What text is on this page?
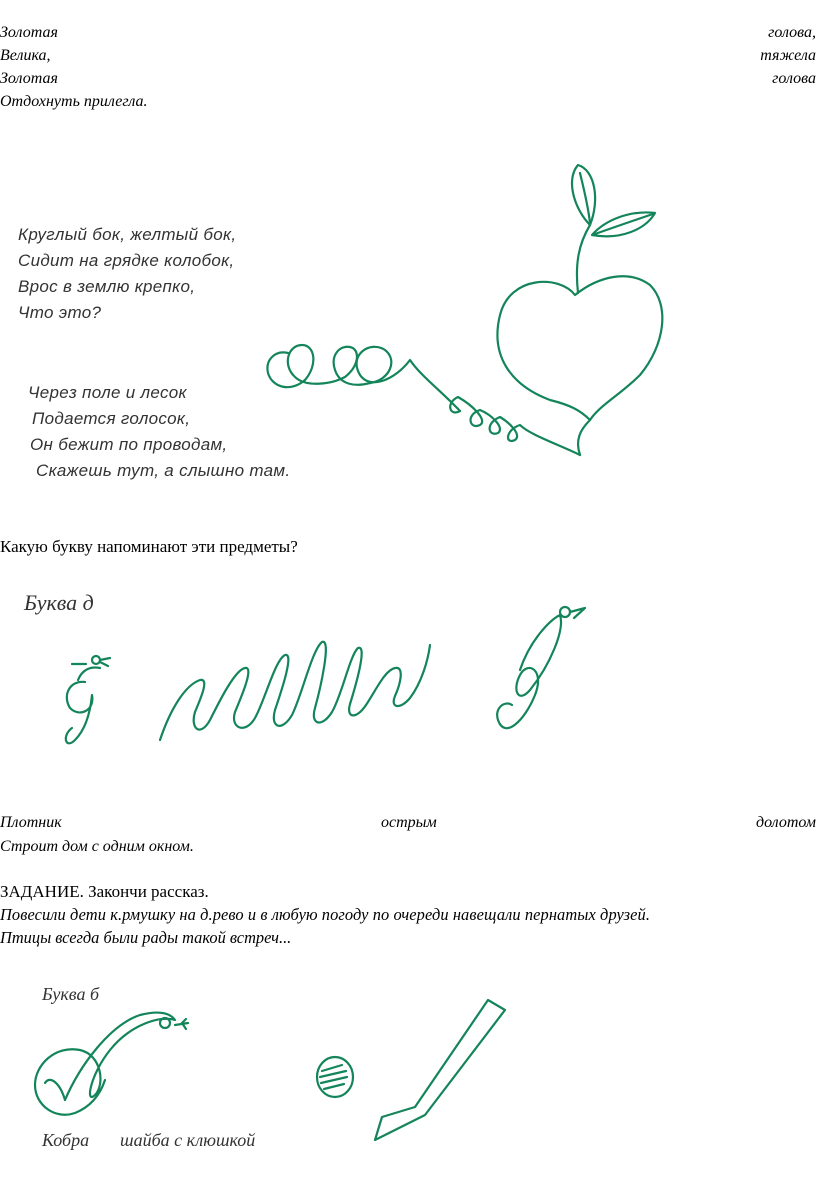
Золотая	голова,
Велика,	тяжела
Золотая	голова
Отдохнуть прилегла.
Круглый бок, желтый бок,
Сидит на грядке колобок,
Врос в землю крепко,
Что это?
Через поле и лесок
Подается голосок,
Он бежит по проводам,
Скажешь тут, а слышно там.
Какую букву напоминают эти предметы?
Буква д
Плотник	острым	долотом
Строит дом с одним окном.
ЗАДАНИЕ. Закончи рассказ.
Повесили дети к.рмушку на д.рево и в любую погоду по очереди навещали пернатых друзей.
Птицы всегда были рады такой встреч...
Буква б
Кобра шайба с клюшкой
